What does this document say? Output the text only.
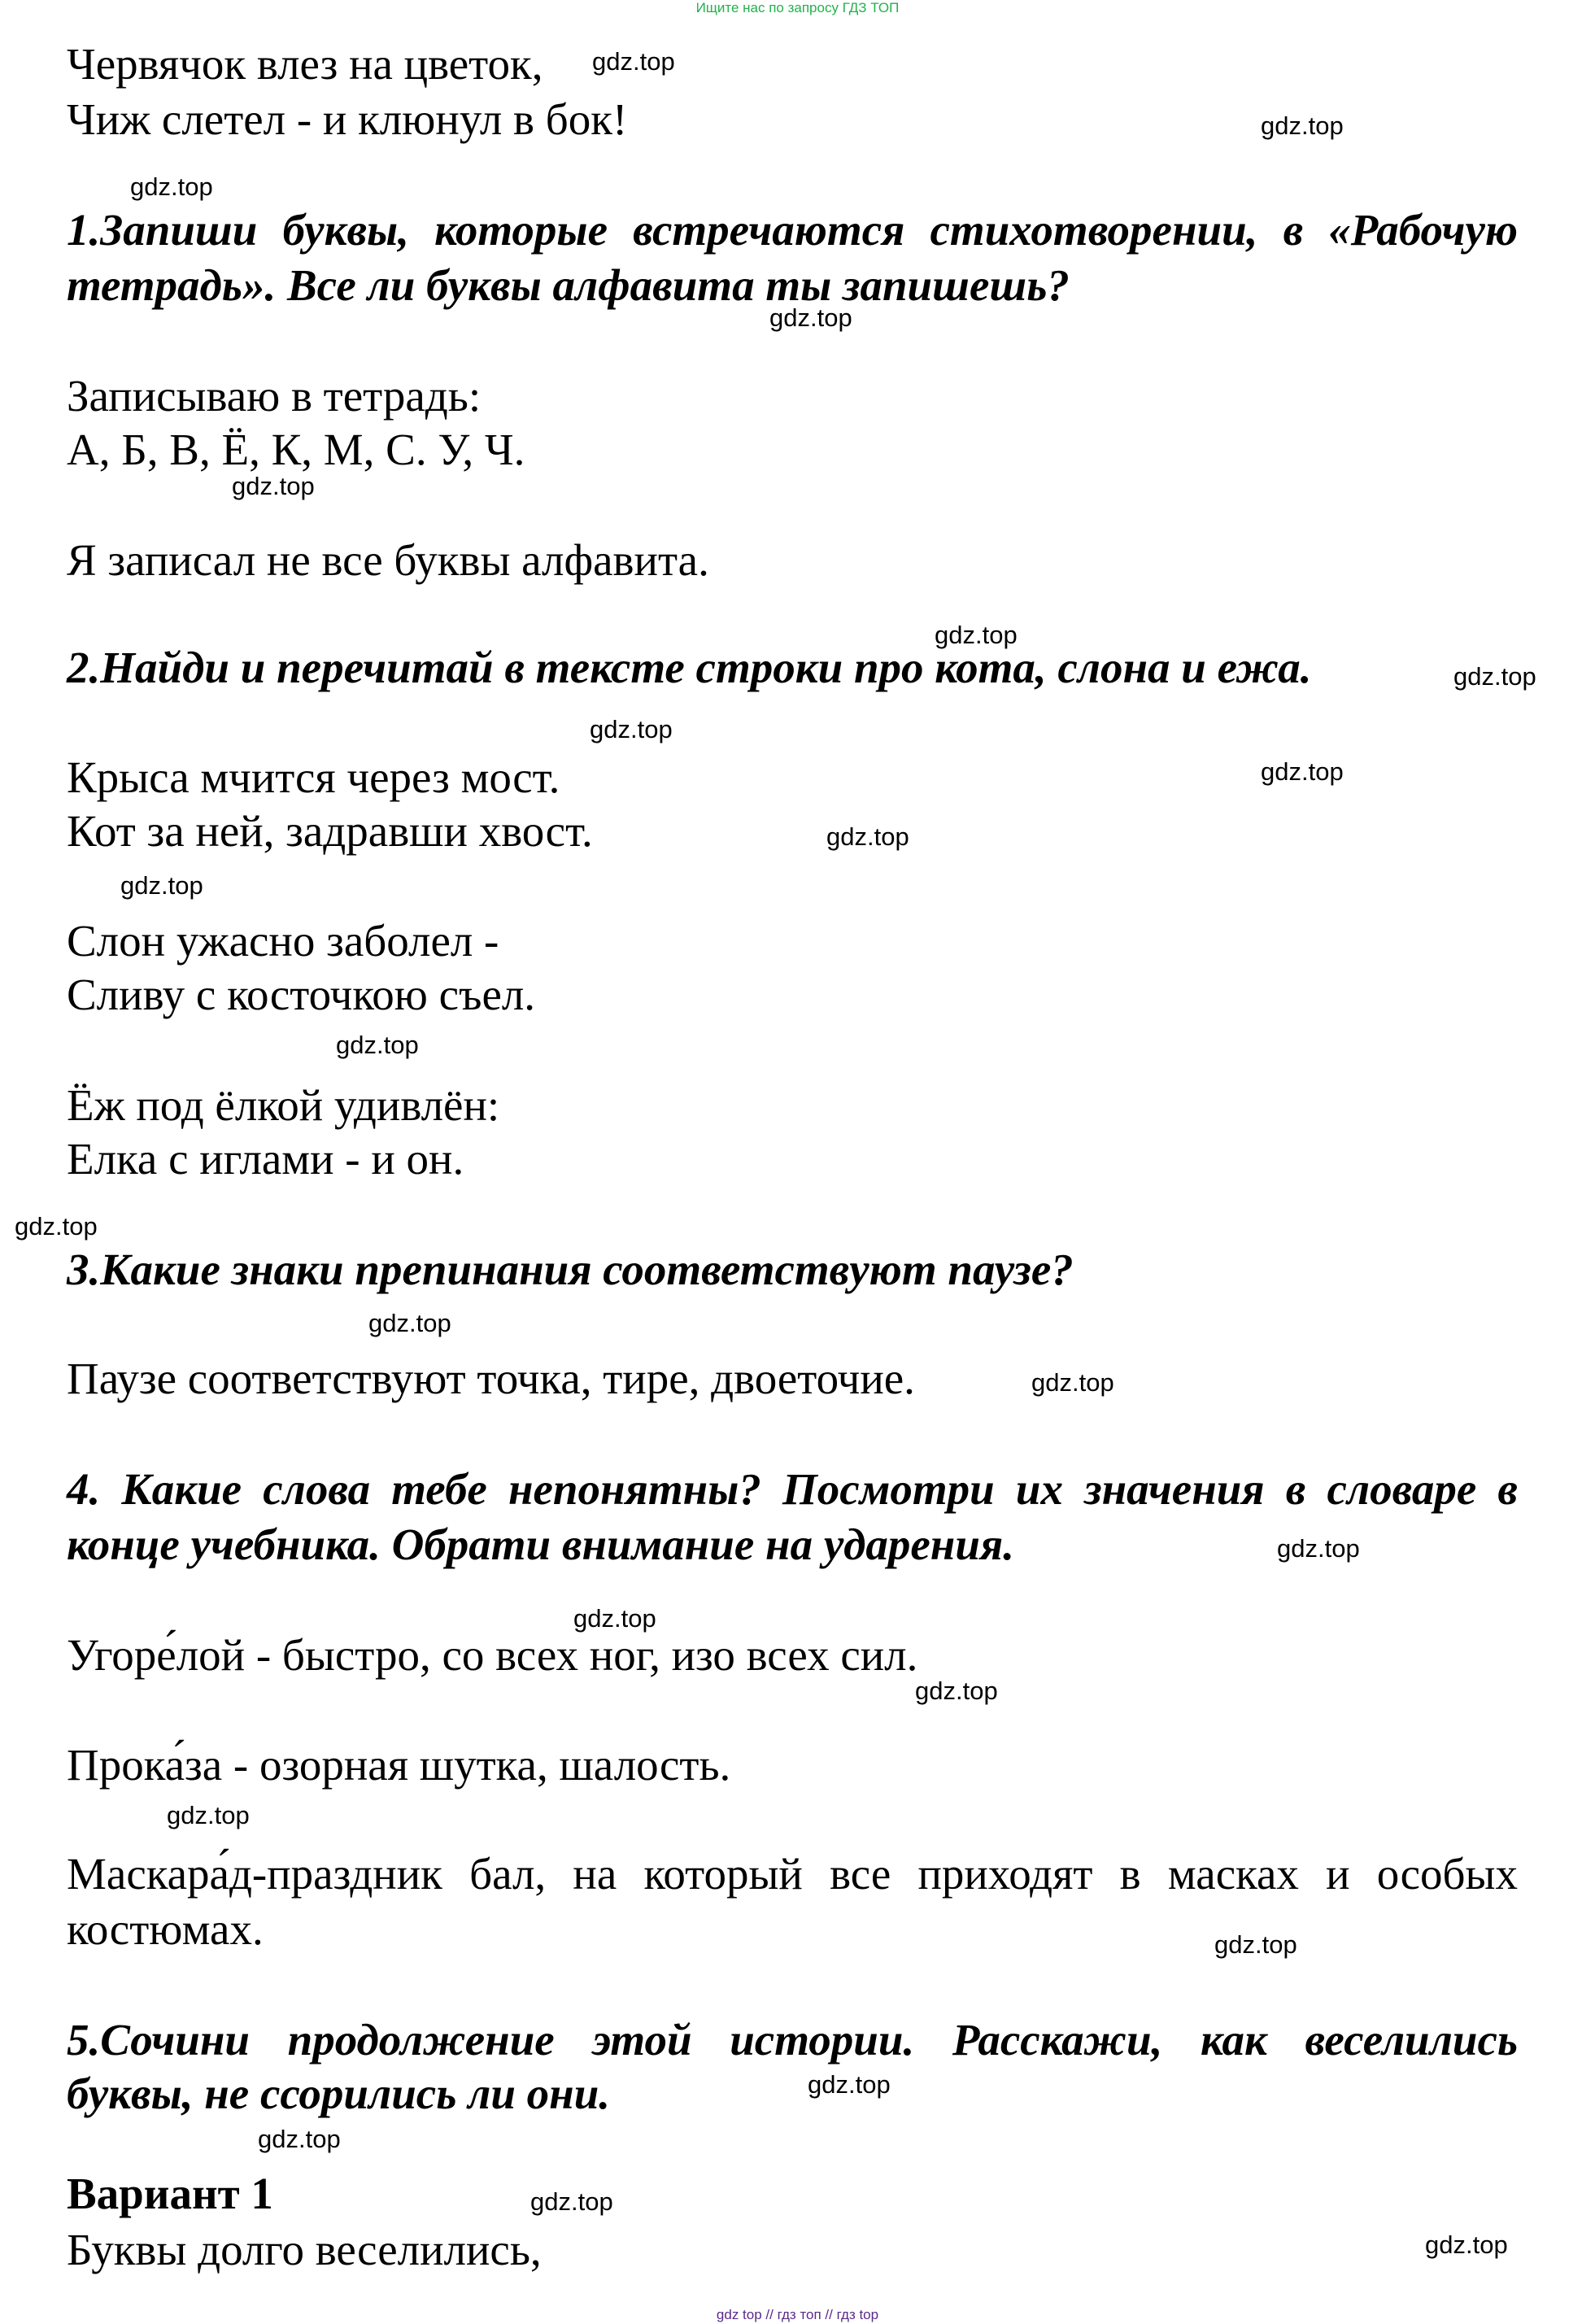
Ищите нас по запросу ГДЗ ТОП
Червячок влез на цветок,
Чиж слетел - и клюнул в бок!
1.Запиши буквы, которые встречаются стихотворении, в «Рабочую
тетрадь». Все ли буквы алфавита ты запишешь?
Записываю в тетрадь:
А, Б, В, Ё, К, М, С. У, Ч.
Я записал не все буквы алфавита.
2.Найди и перечитай в тексте строки про кота, слона и ежа.
Крыса мчится через мост.
Кот за ней, задравши хвост.
Слон ужасно заболел -
Сливу с косточкою съел.
Ёж под ёлкой удивлён:
Елка с иглами - и он.
3.Какие знаки препинания соответствуют паузе?
Паузе соответствуют точка, тире, двоеточие.
4. Какие слова тебе непонятны? Посмотри их значения в словаре в
конце учебника. Обрати внимание на ударения.
Угоре́лой - быстро, со всех ног, изо всех сил.
Прока́за - озорная шутка, шалость.
Маскара́д-праздник бал, на который все приходят в масках и особых костюмах.
5.Сочини продолжение этой истории. Расскажи, как веселились
буквы, не ссорились ли они.
Вариант 1
Буквы долго веселились,
gdz.top
gdz.top
gdz.top
gdz.top
gdz.top
gdz.top
gdz.top
gdz.top
gdz.top
gdz.top
gdz.top
gdz.top
gdz.top
gdz.top
gdz.top
gdz.top
gdz.top
gdz.top
gdz.top
gdz.top
gdz.top
gdz.top
gdz.top
gdz.top
gdz top // гдз топ // гдз top
